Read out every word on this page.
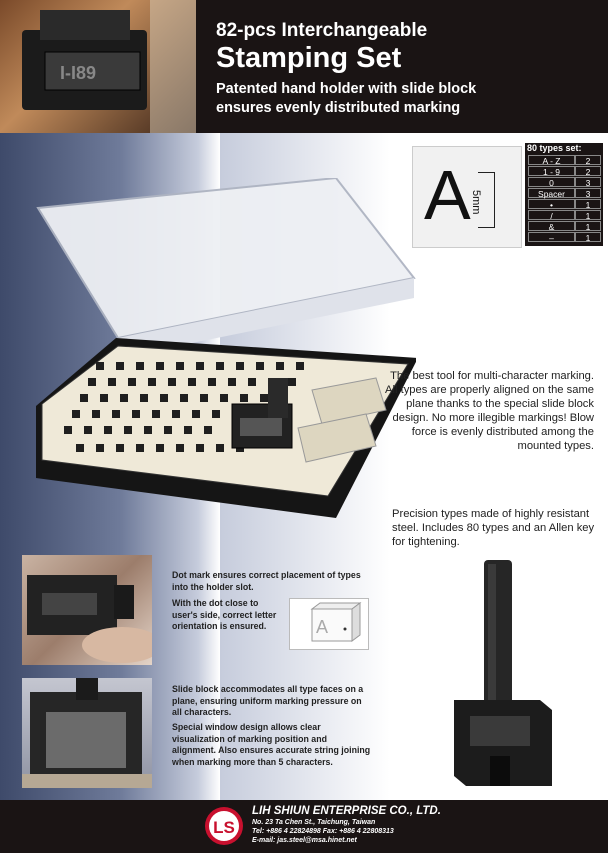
I-I89
82-pcs Interchangeable
Stamping Set
Patented hand holder with slide block ensures evenly distributed marking
A 5mm
80 types set:
A - Z	2
1 - 9	2
0	3
Spacer	3
•	1
/	1
&	1
–	1
The best tool for multi-character marking. All types are properly aligned on the same plane thanks to the special slide block design. No more illegible markings! Blow force is evenly distributed among the mounted types.
Precision types made of highly resistant steel. Includes 80 types and an Allen key for tightening.
Dot mark ensures correct placement of types into the holder slot.
With the dot close to user's side, correct letter orientation is ensured.
Slide block accommodates all type faces on a plane, ensuring uniform marking pressure on all characters.
Special window design allows clear visualization of marking position and alignment. Also ensures accurate string joining when marking more than 5 characters.
A
LS
LIH SHIUN ENTERPRISE CO., LTD.
No. 23 Ta Chen St., Taichung, Taiwan
Tel: +886 4 22824898 Fax: +886 4 22808313
E-mail: jas.steel@msa.hinet.net
